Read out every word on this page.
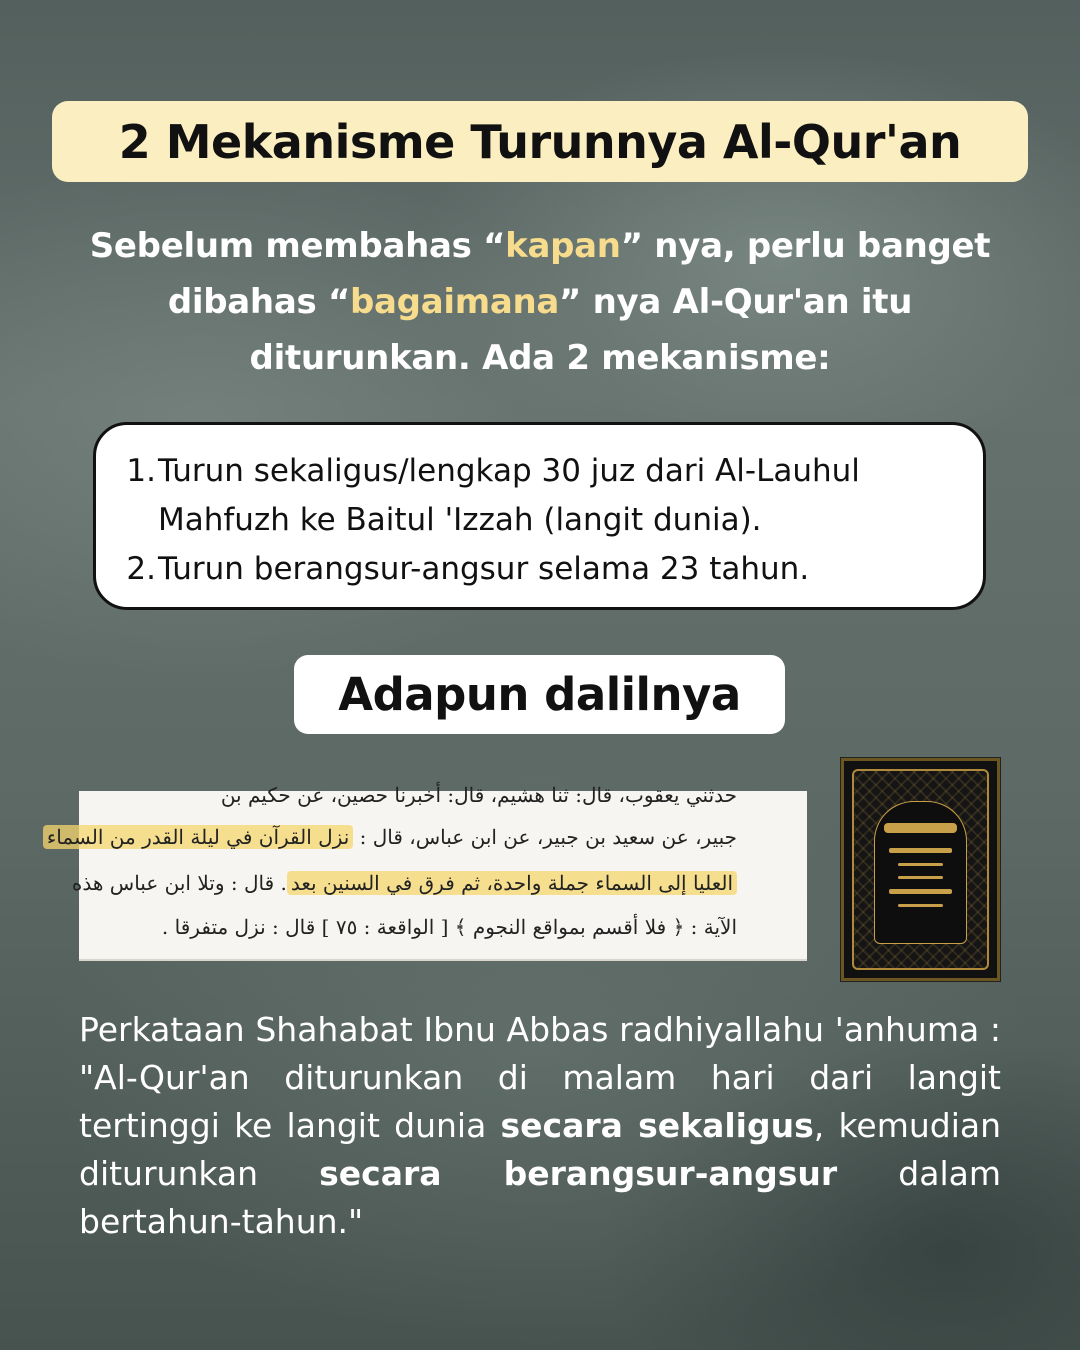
2 Mekanisme Turunnya Al-Qur'an
Sebelum membahas “kapan” nya, perlu banget dibahas “bagaimana” nya Al-Qur'an itu diturunkan. Ada 2 mekanisme:
1. Turun sekaligus/lengkap 30 juz dari Al-Lauhul Mahfuzh ke Baitul 'Izzah (langit dunia).
2. Turun berangsur-angsur selama 23 tahun.
Adapun dalilnya
حدثني يعقوب، قال: ثنا هشيم، قال: أخبرنا حصين، عن حكيم بن
جبير، عن سعيد بن جبير، عن ابن عباس، قال : نزل القرآن في ليلة القدر من السماء
العليا إلى السماء جملة واحدة، ثم فرق في السنين بعد. قال : وتلا ابن عباس هذه
الآية : ﴿ فلا أقسم بمواقع النجوم ﴾ [ الواقعة : ٧٥ ] قال : نزل متفرقا .
Perkataan Shahabat Ibnu Abbas radhiyallahu 'anhuma : "Al-Qur'an diturunkan di malam hari dari langit tertinggi ke langit dunia secara sekaligus, kemudian diturunkan secara berangsur-angsur dalam bertahun-tahun."
